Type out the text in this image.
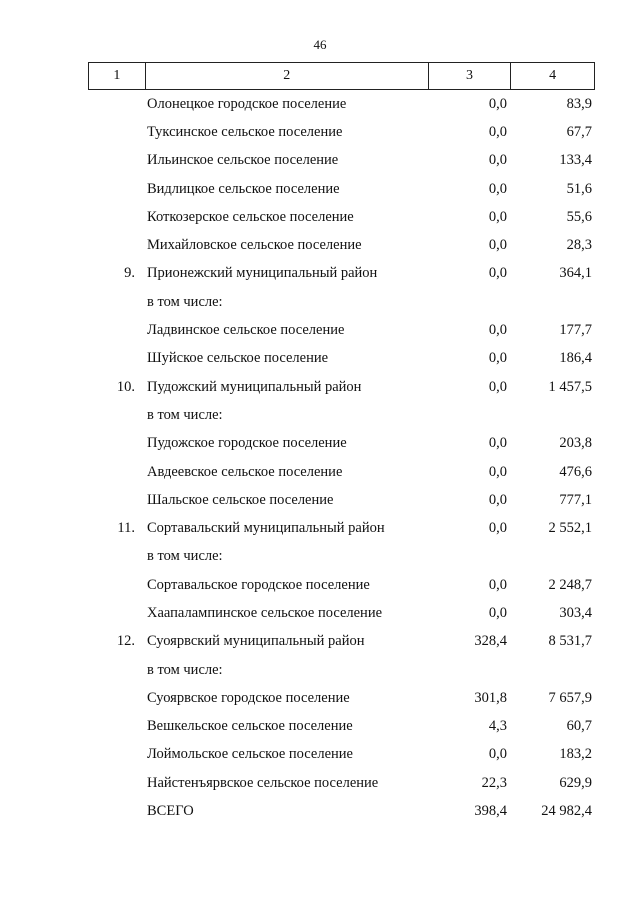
46
1	2	3	4
Олонецкое городское поселение	0,0	83,9
Туксинское сельское поселение	0,0	67,7
Ильинское сельское поселение	0,0	133,4
Видлицкое сельское поселение	0,0	51,6
Коткозерское сельское поселение	0,0	55,6
Михайловское сельское поселение	0,0	28,3
9. Прионежский муниципальный район	0,0	364,1
в том числе:
Ладвинское сельское поселение	0,0	177,7
Шуйское сельское поселение	0,0	186,4
10. Пудожский муниципальный район	0,0	1 457,5
в том числе:
Пудожское городское поселение	0,0	203,8
Авдеевское сельское поселение	0,0	476,6
Шальское сельское поселение	0,0	777,1
11. Сортавальский муниципальный район	0,0	2 552,1
в том числе:
Сортавальское городское поселение	0,0	2 248,7
Хаапалампинское сельское поселение	0,0	303,4
12. Суоярвский муниципальный район	328,4	8 531,7
в том числе:
Суоярвское городское поселение	301,8	7 657,9
Вешкельское сельское поселение	4,3	60,7
Лоймольское сельское поселение	0,0	183,2
Найстенъярвское сельское поселение	22,3	629,9
ВСЕГО	398,4	24 982,4
